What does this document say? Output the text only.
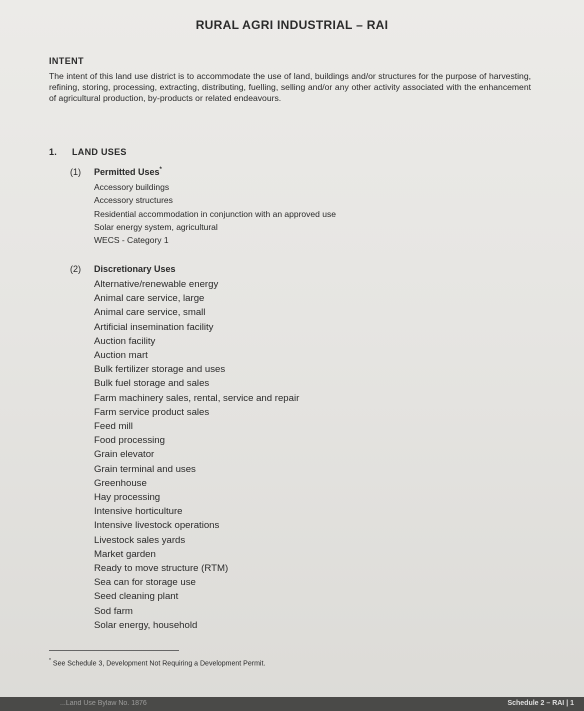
RURAL AGRI INDUSTRIAL – RAI
INTENT
The intent of this land use district is to accommodate the use of land, buildings and/or structures for the purpose of harvesting, refining, storing, processing, extracting, distributing, fuelling, selling and/or any other activity associated with the enhancement of agricultural production, by-products or related endeavours.
1. LAND USES
(1) Permitted Uses*
Accessory buildings
Accessory structures
Residential accommodation in conjunction with an approved use
Solar energy system, agricultural
WECS - Category 1
(2) Discretionary Uses
Alternative/renewable energy
Animal care service, large
Animal care service, small
Artificial insemination facility
Auction facility
Auction mart
Bulk fertilizer storage and uses
Bulk fuel storage and sales
Farm machinery sales, rental, service and repair
Farm service product sales
Feed mill
Food processing
Grain elevator
Grain terminal and uses
Greenhouse
Hay processing
Intensive horticulture
Intensive livestock operations
Livestock sales yards
Market garden
Ready to move structure (RTM)
Sea can for storage use
Seed cleaning plant
Sod farm
Solar energy, household
* See Schedule 3, Development Not Requiring a Development Permit.
...Land Use Bylaw No. 1876	Schedule 2 – RAI | 1
